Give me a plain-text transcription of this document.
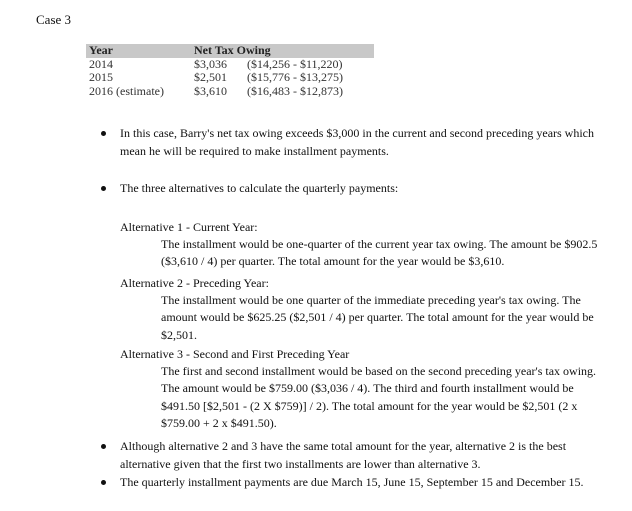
Case 3
Year	Net Tax Owing
2014	$3,036 ($14,256 - $11,220)
2015	$2,501 ($15,776 - $13,275)
2016 (estimate)	$3,610 ($16,483 - $12,873)
In this case, Barry's net tax owing exceeds $3,000 in the current and second preceding years which mean he will be required to make installment payments.
The three alternatives to calculate the quarterly payments:
Alternative 1 - Current Year:
The installment would be one-quarter of the current year tax owing. The amount be $902.5 ($3,610 / 4) per quarter. The total amount for the year would be $3,610.
Alternative 2 - Preceding Year:
The installment would be one quarter of the immediate preceding year's tax owing. The amount would be $625.25 ($2,501 / 4) per quarter. The total amount for the year would be $2,501.
Alternative 3 - Second and First Preceding Year
The first and second installment would be based on the second preceding year's tax owing. The amount would be $759.00 ($3,036 / 4). The third and fourth installment would be $491.50 [$2,501 - (2 X $759)] / 2). The total amount for the year would be $2,501 (2 x $759.00 + 2 x $491.50).
Although alternative 2 and 3 have the same total amount for the year, alternative 2 is the best alternative given that the first two installments are lower than alternative 3.
The quarterly installment payments are due March 15, June 15, September 15 and December 15.
